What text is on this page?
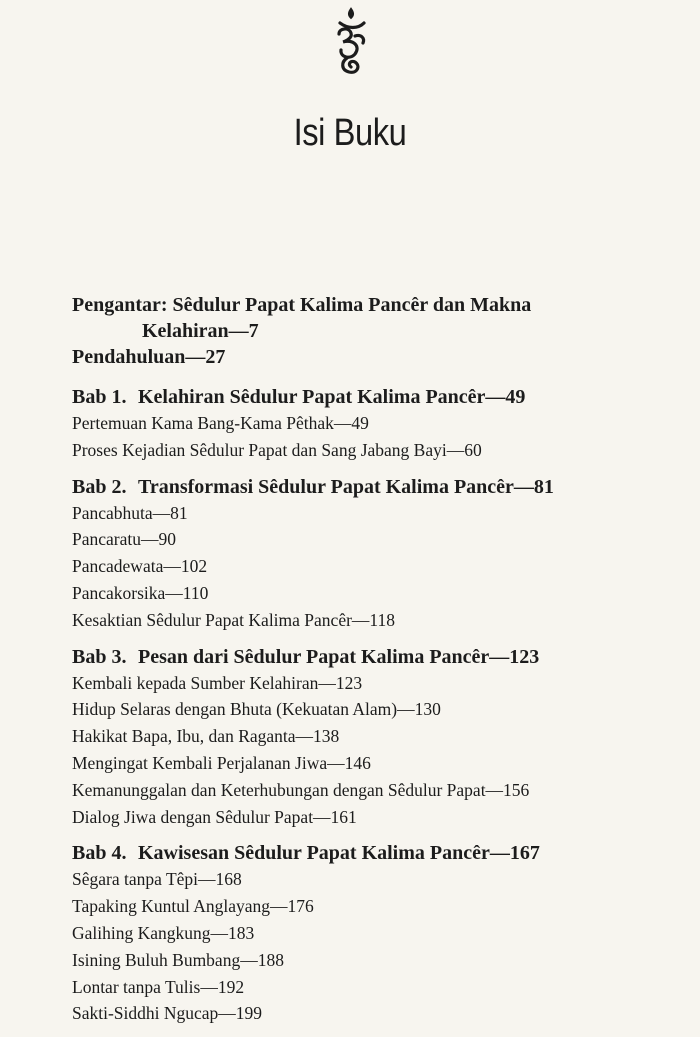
Isi Buku
Pengantar: Sêdulur Papat Kalima Pancêr dan Makna
Kelahiran—7
Pendahuluan—27
Bab 1. Kelahiran Sêdulur Papat Kalima Pancêr—49
Pertemuan Kama Bang-Kama Pêthak—49
Proses Kejadian Sêdulur Papat dan Sang Jabang Bayi—60
Bab 2. Transformasi Sêdulur Papat Kalima Pancêr—81
Pancabhuta—81
Pancaratu—90
Pancadewata—102
Pancakorsika—110
Kesaktian Sêdulur Papat Kalima Pancêr—118
Bab 3. Pesan dari Sêdulur Papat Kalima Pancêr—123
Kembali kepada Sumber Kelahiran—123
Hidup Selaras dengan Bhuta (Kekuatan Alam)—130
Hakikat Bapa, Ibu, dan Raganta—138
Mengingat Kembali Perjalanan Jiwa—146
Kemanunggalan dan Keterhubungan dengan Sêdulur Papat—156
Dialog Jiwa dengan Sêdulur Papat—161
Bab 4. Kawisesan Sêdulur Papat Kalima Pancêr—167
Sêgara tanpa Têpi—168
Tapaking Kuntul Anglayang—176
Galihing Kangkung—183
Isining Buluh Bumbang—188
Lontar tanpa Tulis—192
Sakti-Siddhi Ngucap—199
